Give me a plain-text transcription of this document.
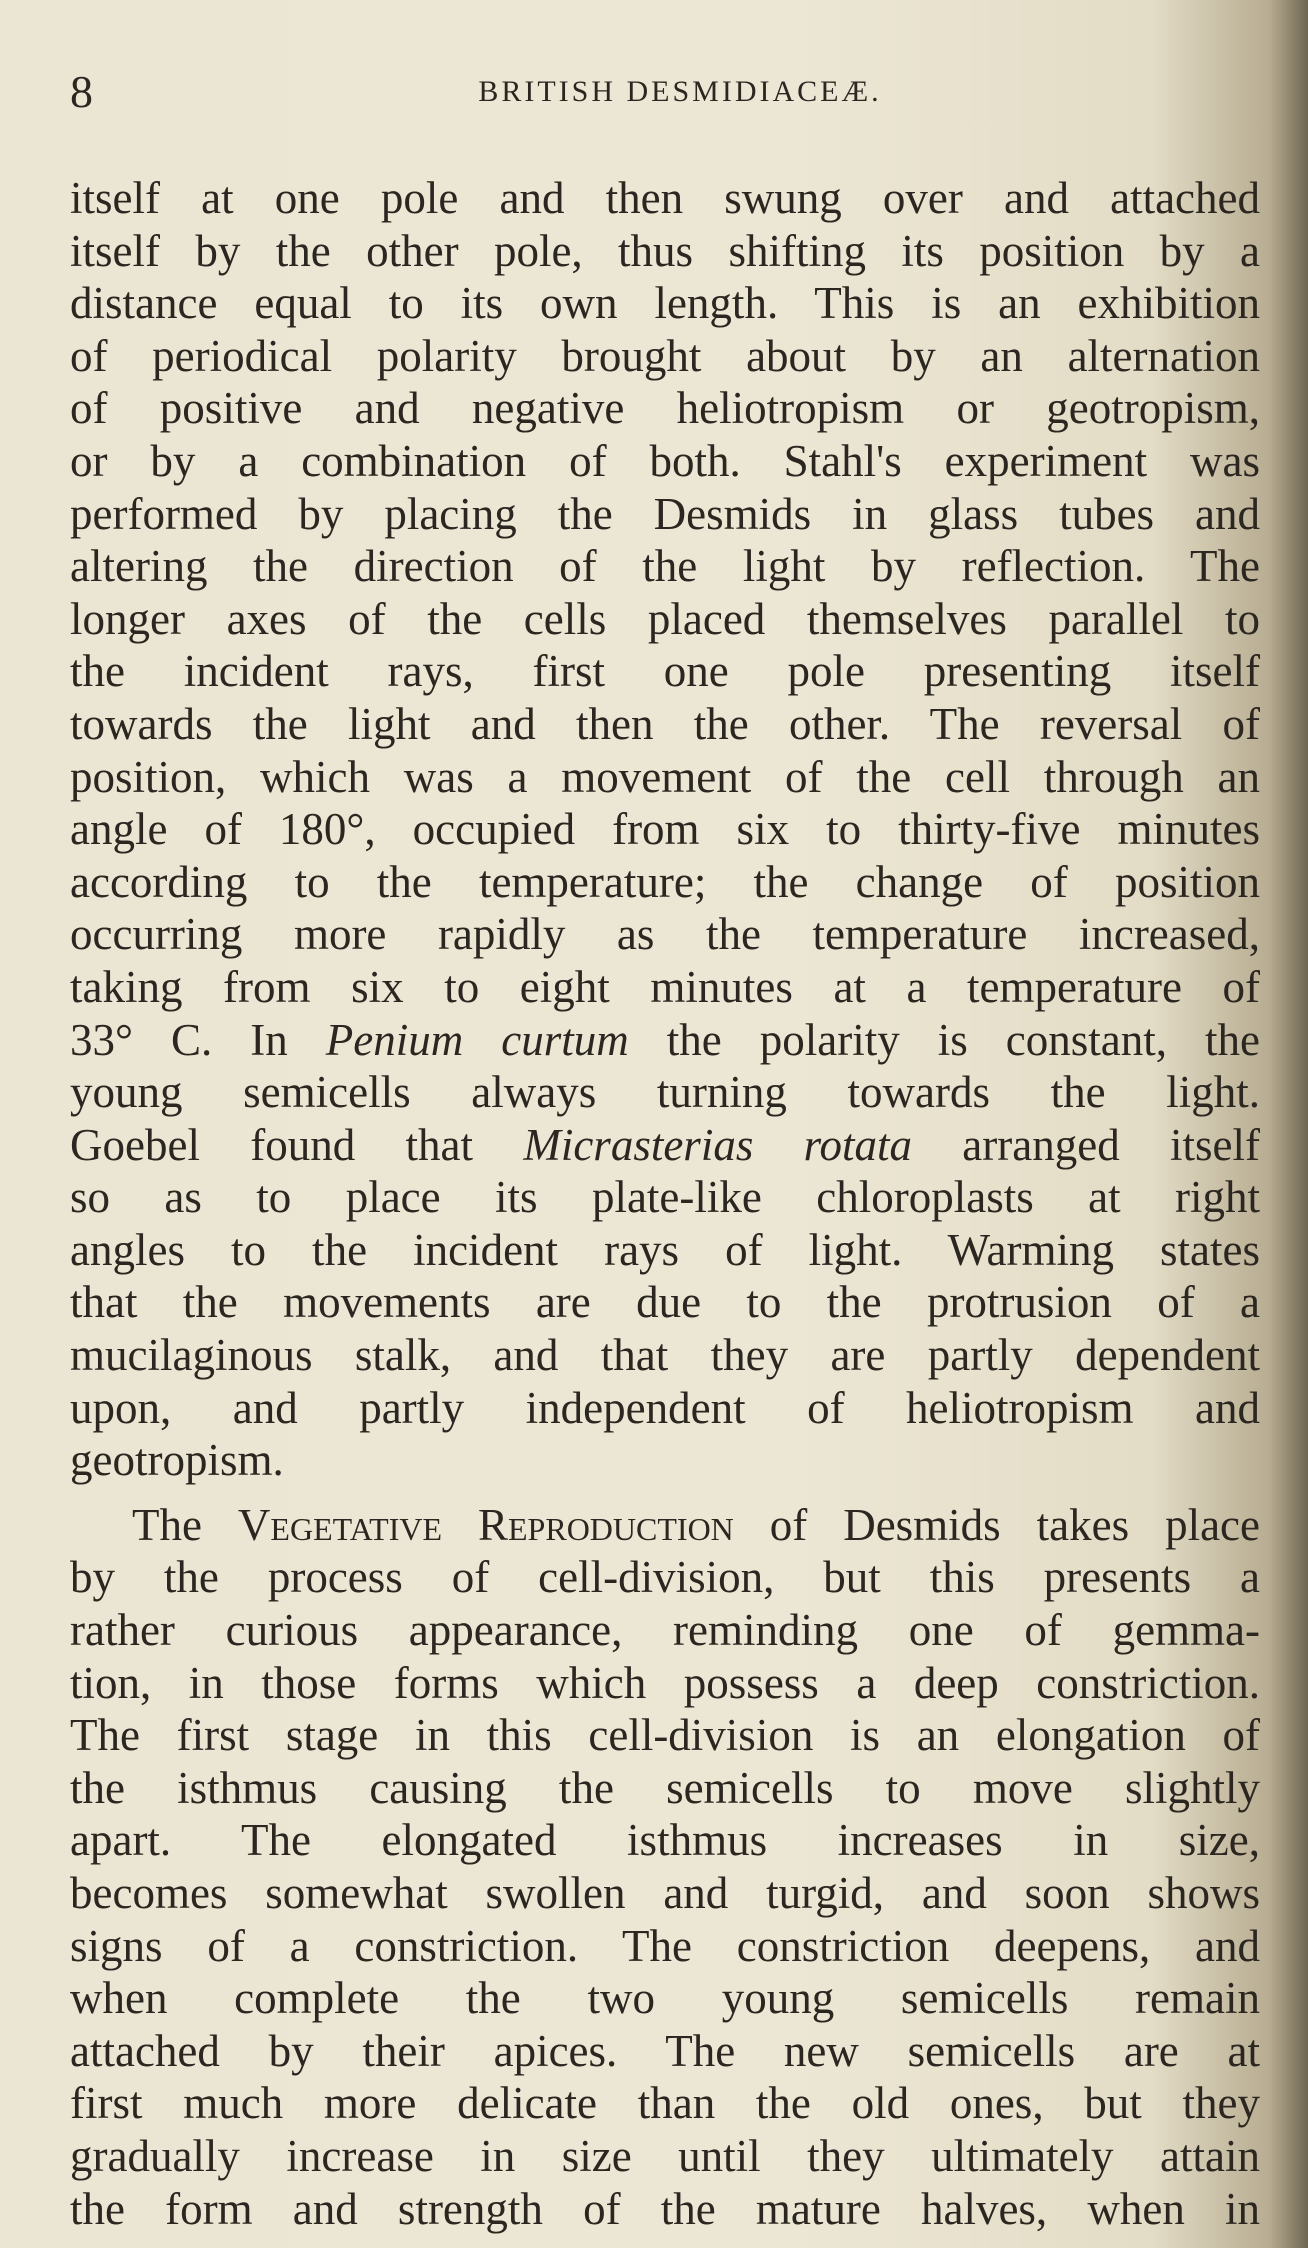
8	BRITISH DESMIDIACEÆ.
itself at one pole and then swung over and attached
itself by the other pole, thus shifting its position by a
distance equal to its own length. This is an exhibition
of periodical polarity brought about by an alternation
of positive and negative heliotropism or geotropism,
or by a combination of both. Stahl's experiment was
performed by placing the Desmids in glass tubes and
altering the direction of the light by reflection. The
longer axes of the cells placed themselves parallel to
the incident rays, first one pole presenting itself
towards the light and then the other. The reversal of
position, which was a movement of the cell through an
angle of 180°, occupied from six to thirty-five minutes
according to the temperature; the change of position
occurring more rapidly as the temperature increased,
taking from six to eight minutes at a temperature of
33° C. In Penium curtum the polarity is constant, the
young semicells always turning towards the light.
Goebel found that Micrasterias rotata arranged itself
so as to place its plate-like chloroplasts at right
angles to the incident rays of light. Warming states
that the movements are due to the protrusion of a
mucilaginous stalk, and that they are partly dependent
upon, and partly independent of heliotropism and
geotropism.
The Vegetative Reproduction of Desmids takes place
by the process of cell-division, but this presents a
rather curious appearance, reminding one of gemma-
tion, in those forms which possess a deep constriction.
The first stage in this cell-division is an elongation of
the isthmus causing the semicells to move slightly
apart. The elongated isthmus increases in size,
becomes somewhat swollen and turgid, and soon shows
signs of a constriction. The constriction deepens, and
when complete the two young semicells remain
attached by their apices. The new semicells are at
first much more delicate than the old ones, but they
gradually increase in size until they ultimately attain
the form and strength of the mature halves, when in
